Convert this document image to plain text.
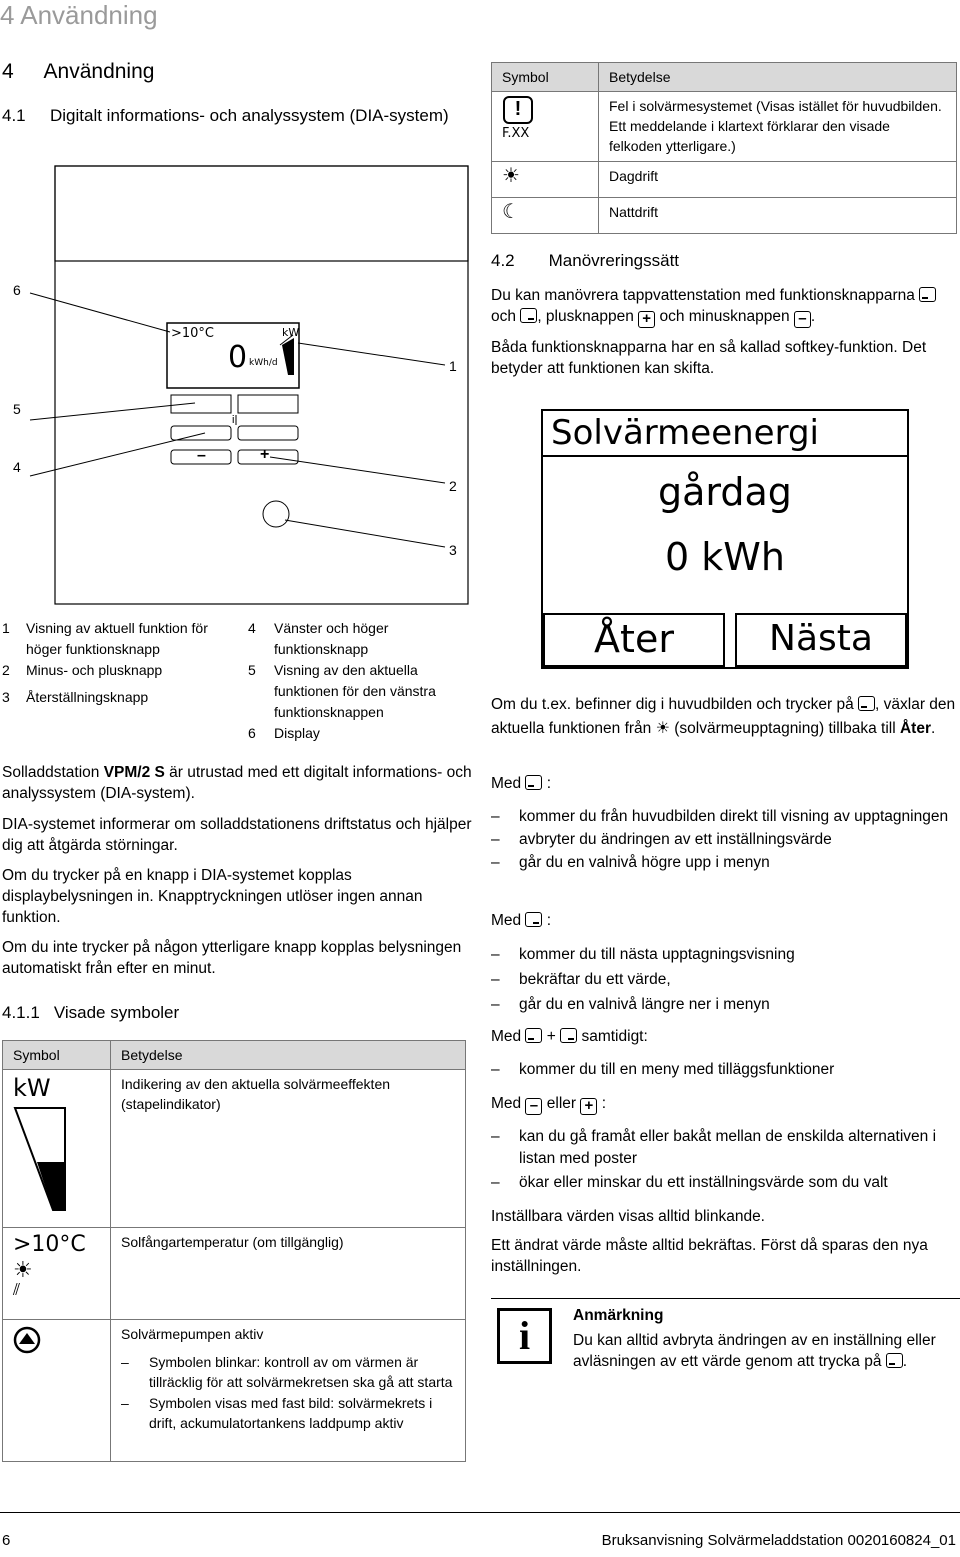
4 Användning
4 Användning
4.1 Digitalt informations- och analyssystem (DIA-system)
6
5
4
1
2
3
>10°C	kW
0 kWh/d
–	+
i
1	Visning av aktuell funktion för höger funktionsknapp
2	Minus- och plusknapp
3	Återställningsknapp
4	Vänster och höger funktionsknapp
5	Visning av den aktuella funktionen för den vänstra funktionsknappen
6	Display
Solladdstation VPM/2 S är utrustad med ett digitalt informations- och analyssystem (DIA-system).
DIA-systemet informerar om solladdstationens driftstatus och hjälper dig att åtgärda störningar.
Om du trycker på en knapp i DIA-systemet kopplas displaybelysningen in. Knapptryckningen utlöser ingen annan funktion.
Om du inte trycker på någon ytterligare knapp kopplas belysningen automatiskt från efter en minut.
4.1.1 Visade symboler
Symbol	Betydelse

kW	Indikering av den aktuella solvärmeeffekten (stapelindikator)

>10°C
☀
⫽	Solfångartemperatur (om tillgänglig)

Solvärmepumpen aktiv
– Symbolen blinkar: kontroll av om värmen är tillräcklig för att solvärmekretsen ska gå att starta
– Symbolen visas med fast bild: solvärmekrets i drift, ackumulatortankens laddpump aktiv
Symbol	Betydelse

!
F.XX	Fel i solvärmesystemet (Visas istället för huvudbilden. Ett meddelande i klartext förklarar den visade felkoden ytterligare.)
☀	Dagdrift
☾	Nattdrift
4.2 Manövreringssätt
Du kan manövrera tappvattenstation med funktionsknapparna  och , plusknappen + och minusknappen – .
Båda funktionsknapparna har en så kallad softkey-funktion. Det betyder att funktionen kan skifta.
Solvärmeenergi
gårdag
0 kWh
Åter	Nästa
Om du t.ex. befinner dig i huvudbilden och trycker på , växlar den aktuella funktionen från ☀ (solvärmeupptagning) tillbaka till Åter.
Med :
– kommer du från huvudbilden direkt till visning av upptagningen
– avbryter du ändringen av ett inställningsvärde
– går du en valnivå högre upp i menyn
Med :
– kommer du till nästa upptagningsvisning
– bekräftar du ett värde,
– går du en valnivå längre ner i menyn
Med + samtidigt:
– kommer du till en meny med tilläggsfunktioner
Med – eller + :
– kan du gå framåt eller bakåt mellan de enskilda alternativen i listan med poster
– ökar eller minskar du ett inställningsvärde som du valt
Inställbara värden visas alltid blinkande.
Ett ändrat värde måste alltid bekräftas. Först då sparas den nya inställningen.
i	Anmärkning
Du kan alltid avbryta ändringen av en inställning eller avläsningen av ett värde genom att trycka på .
6	Bruksanvisning Solvärmeladdstation 0020160824_01
